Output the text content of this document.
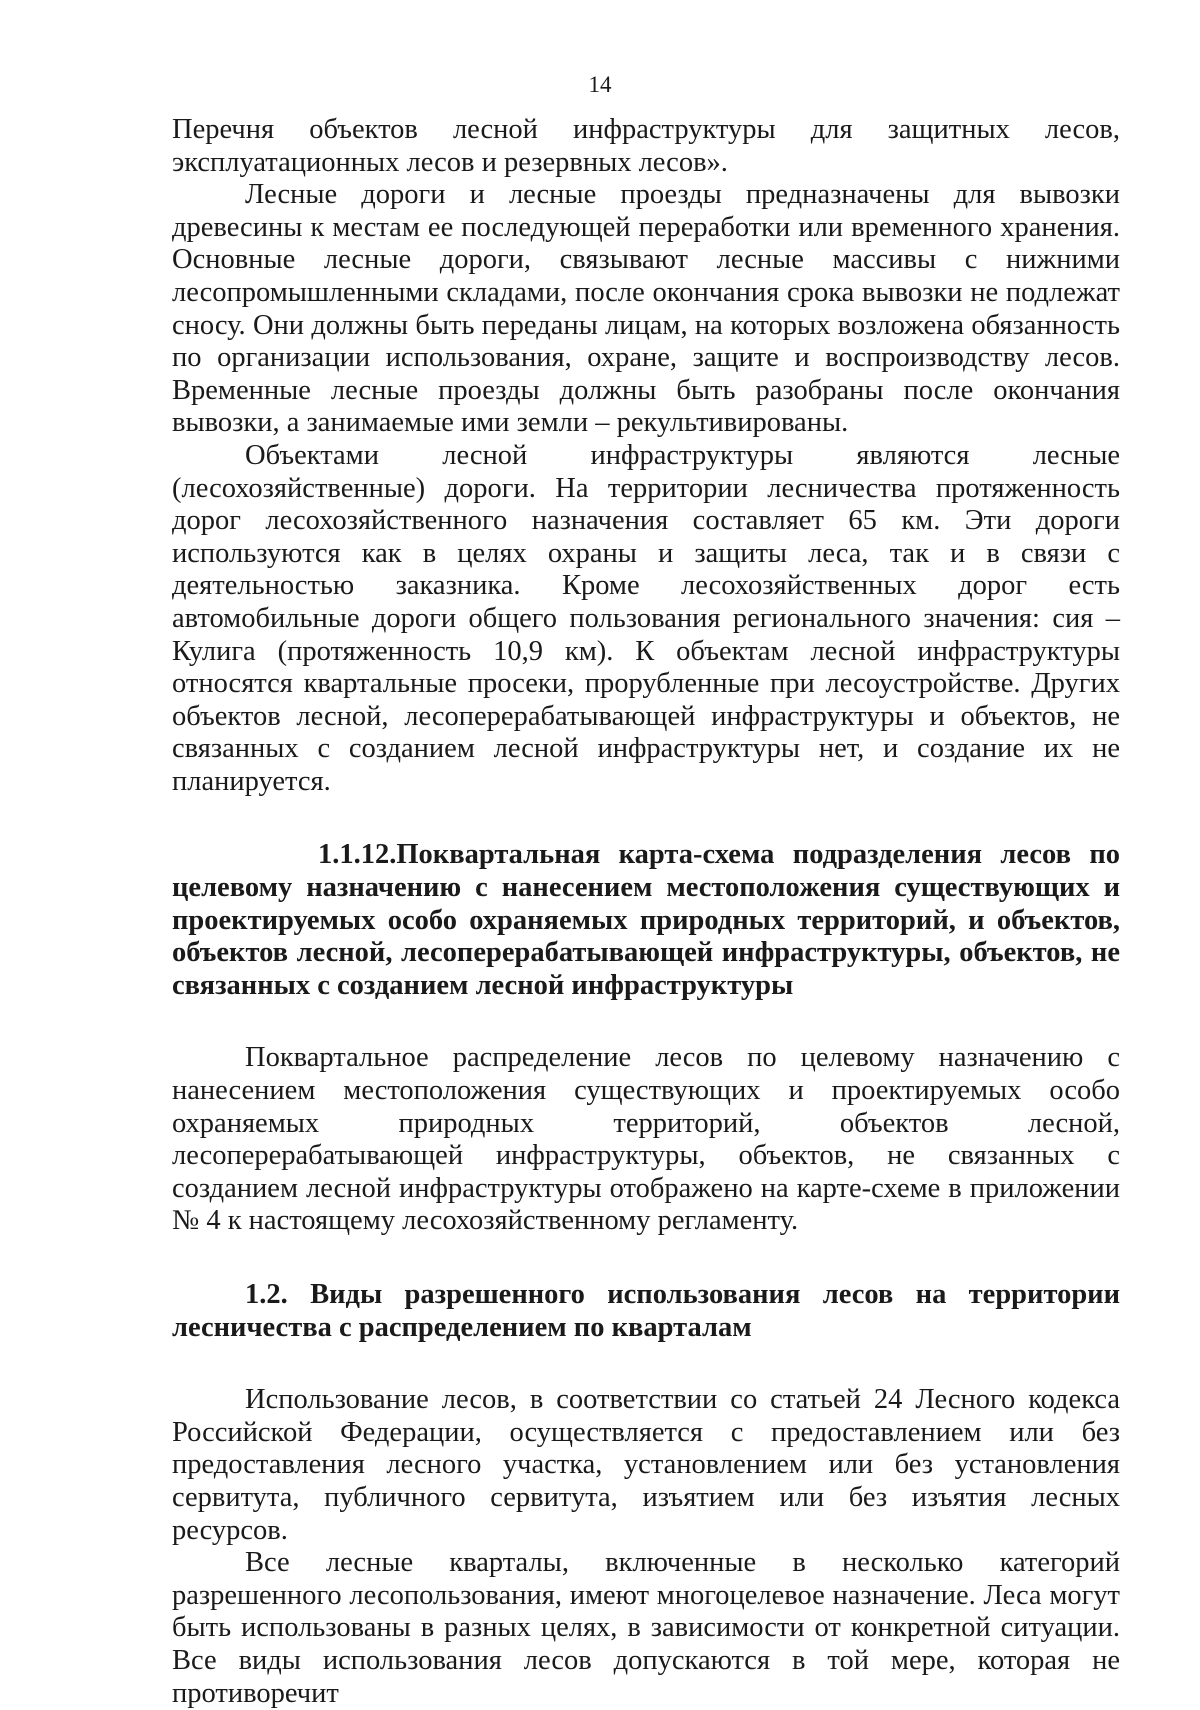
14

Перечня объектов лесной инфраструктуры для защитных лесов, эксплуатационных лесов и резервных лесов».

Лесные дороги и лесные проезды предназначены для вывозки древесины к местам ее последующей переработки или временного хранения. Основные лесные дороги, связывают лесные массивы с нижними лесопромышленными складами, после окончания срока вывозки не подлежат сносу. Они должны быть переданы лицам, на которых возложена обязанность по организации использования, охране, защите и воспроизводству лесов. Временные лесные проезды должны быть разобраны после окончания вывозки, а занимаемые ими земли – рекультивированы.

Объектами лесной инфраструктуры являются лесные (лесохозяйственные) дороги. На территории лесничества протяженность дорог лесохозяйственного назначения составляет 65 км. Эти дороги используются как в целях охраны и защиты леса, так и в связи с деятельностью заказника. Кроме лесохозяйственных дорог есть автомобильные дороги общего пользования регионального значения: сия – Кулига (протяженность 10,9 км). К объектам лесной инфраструктуры относятся квартальные просеки, прорубленные при лесоустройстве. Других объектов лесной, лесоперерабатывающей инфраструктуры и объектов, не связанных с созданием лесной инфраструктуры нет, и создание их не планируется.

1.1.12.Поквартальная карта-схема подразделения лесов по целевому назначению с нанесением местоположения существующих и проектируемых особо охраняемых природных территорий, и объектов, объектов лесной, лесоперерабатывающей инфраструктуры, объектов, не связанных с созданием лесной инфраструктуры

Поквартальное распределение лесов по целевому назначению с нанесением местоположения существующих и проектируемых особо охраняемых природных территорий, объектов лесной, лесоперерабатывающей инфраструктуры, объектов, не связанных с созданием лесной инфраструктуры отображено на карте-схеме в приложении № 4 к настоящему лесохозяйственному регламенту.

1.2. Виды разрешенного использования лесов на территории лесничества с распределением по кварталам

Использование лесов, в соответствии со статьей 24 Лесного кодекса Российской Федерации, осуществляется с предоставлением или без предоставления лесного участка, установлением или без установления сервитута, публичного сервитута, изъятием или без изъятия лесных ресурсов.

Все лесные кварталы, включенные в несколько категорий разрешенного лесопользования, имеют многоцелевое назначение. Леса могут быть использованы в разных целях, в зависимости от конкретной ситуации. Все виды использования лесов допускаются в той мере, которая не противоречит
